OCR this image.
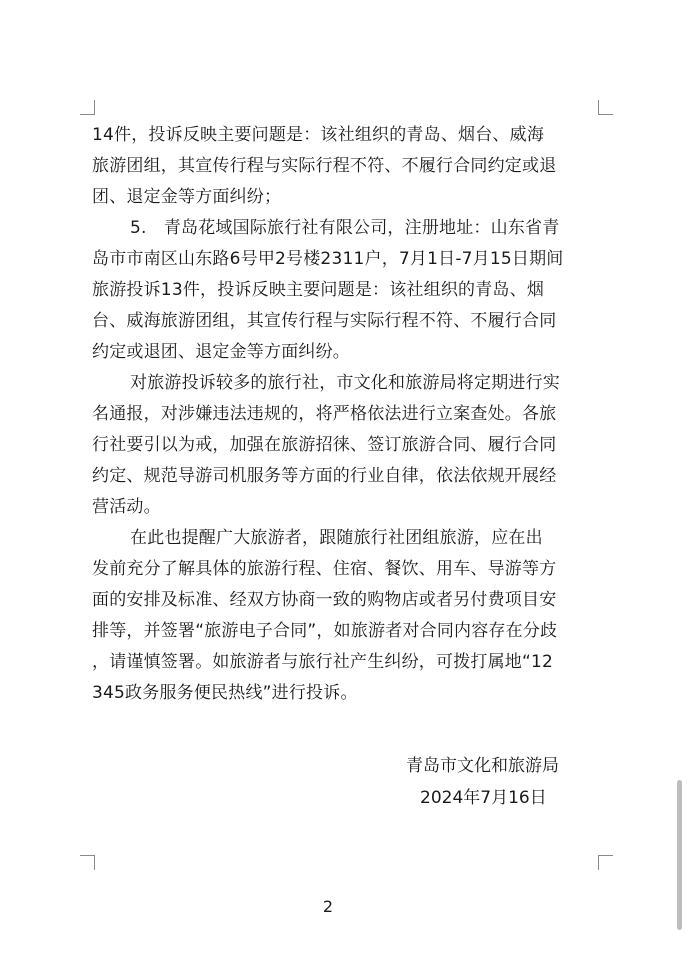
14件，投诉反映主要问题是：该社组织的青岛、烟台、威海
旅游团组，其宣传行程与实际行程不符、不履行合同约定或退
团、退定金等方面纠纷；
5.　青岛花域国际旅行社有限公司，注册地址：山东省青
岛市市南区山东路6号甲2号楼2311户，7月1日-7月15日期间
旅游投诉13件，投诉反映主要问题是：该社组织的青岛、烟
台、威海旅游团组，其宣传行程与实际行程不符、不履行合同
约定或退团、退定金等方面纠纷。
对旅游投诉较多的旅行社，市文化和旅游局将定期进行实
名通报，对涉嫌违法违规的，将严格依法进行立案查处。各旅
行社要引以为戒，加强在旅游招徕、签订旅游合同、履行合同
约定、规范导游司机服务等方面的行业自律，依法依规开展经
营活动。
在此也提醒广大旅游者，跟随旅行社团组旅游，应在出
发前充分了解具体的旅游行程、住宿、餐饮、用车、导游等方
面的安排及标准、经双方协商一致的购物店或者另付费项目安
排等，并签署“旅游电子合同”，如旅游者对合同内容存在分歧
，请谨慎签署。如旅游者与旅行社产生纠纷，可拨打属地“12
345政务服务便民热线”进行投诉。
青岛市文化和旅游局
2024年7月16日
2
